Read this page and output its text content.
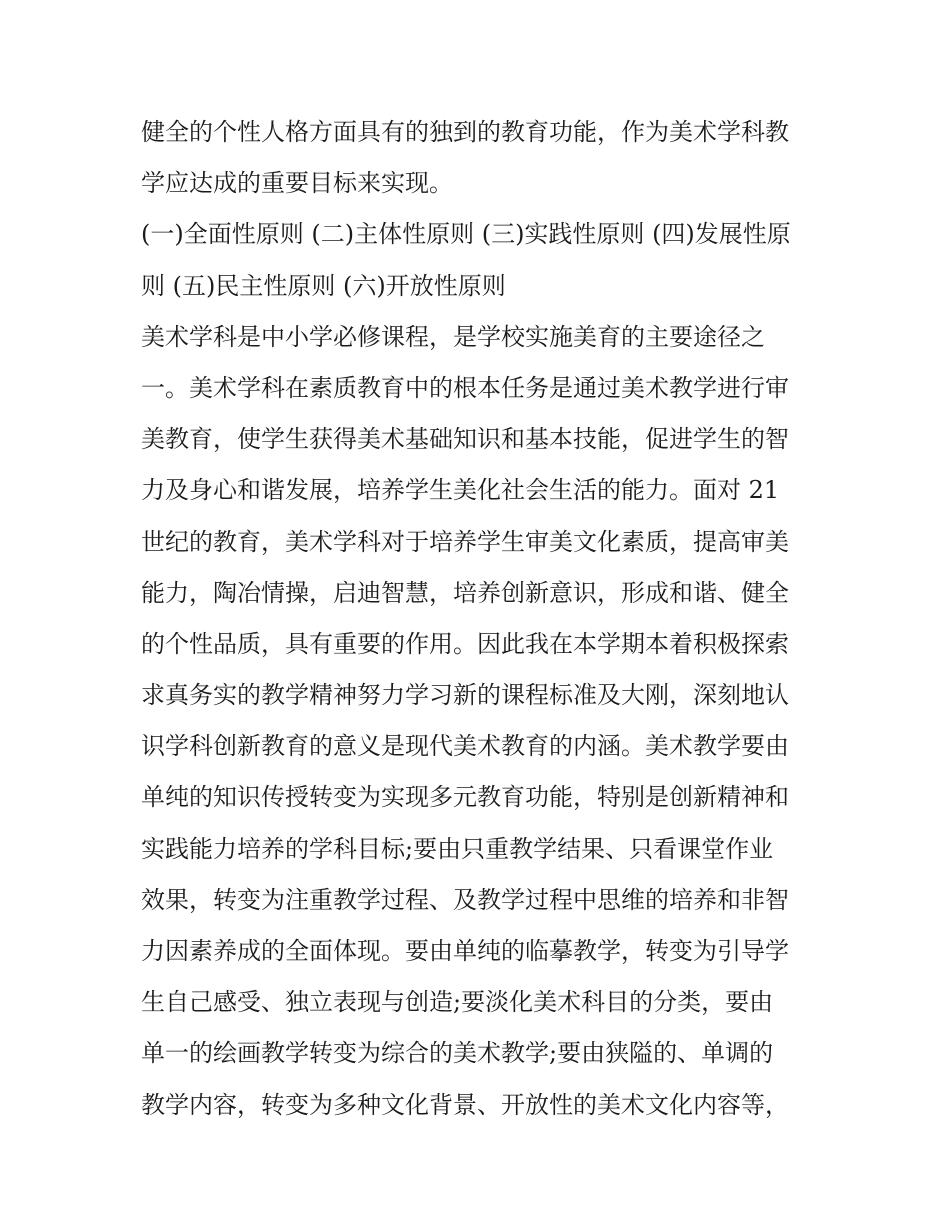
健全的个性人格方面具有的独到的教育功能，作为美术学科教
学应达成的重要目标来实现。
(一)全面性原则 (二)主体性原则 (三)实践性原则 (四)发展性原
则 (五)民主性原则 (六)开放性原则
美术学科是中小学必修课程，是学校实施美育的主要途径之
一。美术学科在素质教育中的根本任务是通过美术教学进行审
美教育，使学生获得美术基础知识和基本技能，促进学生的智
力及身心和谐发展，培养学生美化社会生活的能力。面对 21
世纪的教育，美术学科对于培养学生审美文化素质，提高审美
能力，陶冶情操，启迪智慧，培养创新意识，形成和谐、健全
的个性品质，具有重要的作用。因此我在本学期本着积极探索
求真务实的教学精神努力学习新的课程标准及大刚，深刻地认
识学科创新教育的意义是现代美术教育的内涵。美术教学要由
单纯的知识传授转变为实现多元教育功能，特别是创新精神和
实践能力培养的学科目标;要由只重教学结果、只看课堂作业
效果，转变为注重教学过程、及教学过程中思维的培养和非智
力因素养成的全面体现。要由单纯的临摹教学，转变为引导学
生自己感受、独立表现与创造;要淡化美术科目的分类，要由
单一的绘画教学转变为综合的美术教学;要由狭隘的、单调的
教学内容，转变为多种文化背景、开放性的美术文化内容等，
